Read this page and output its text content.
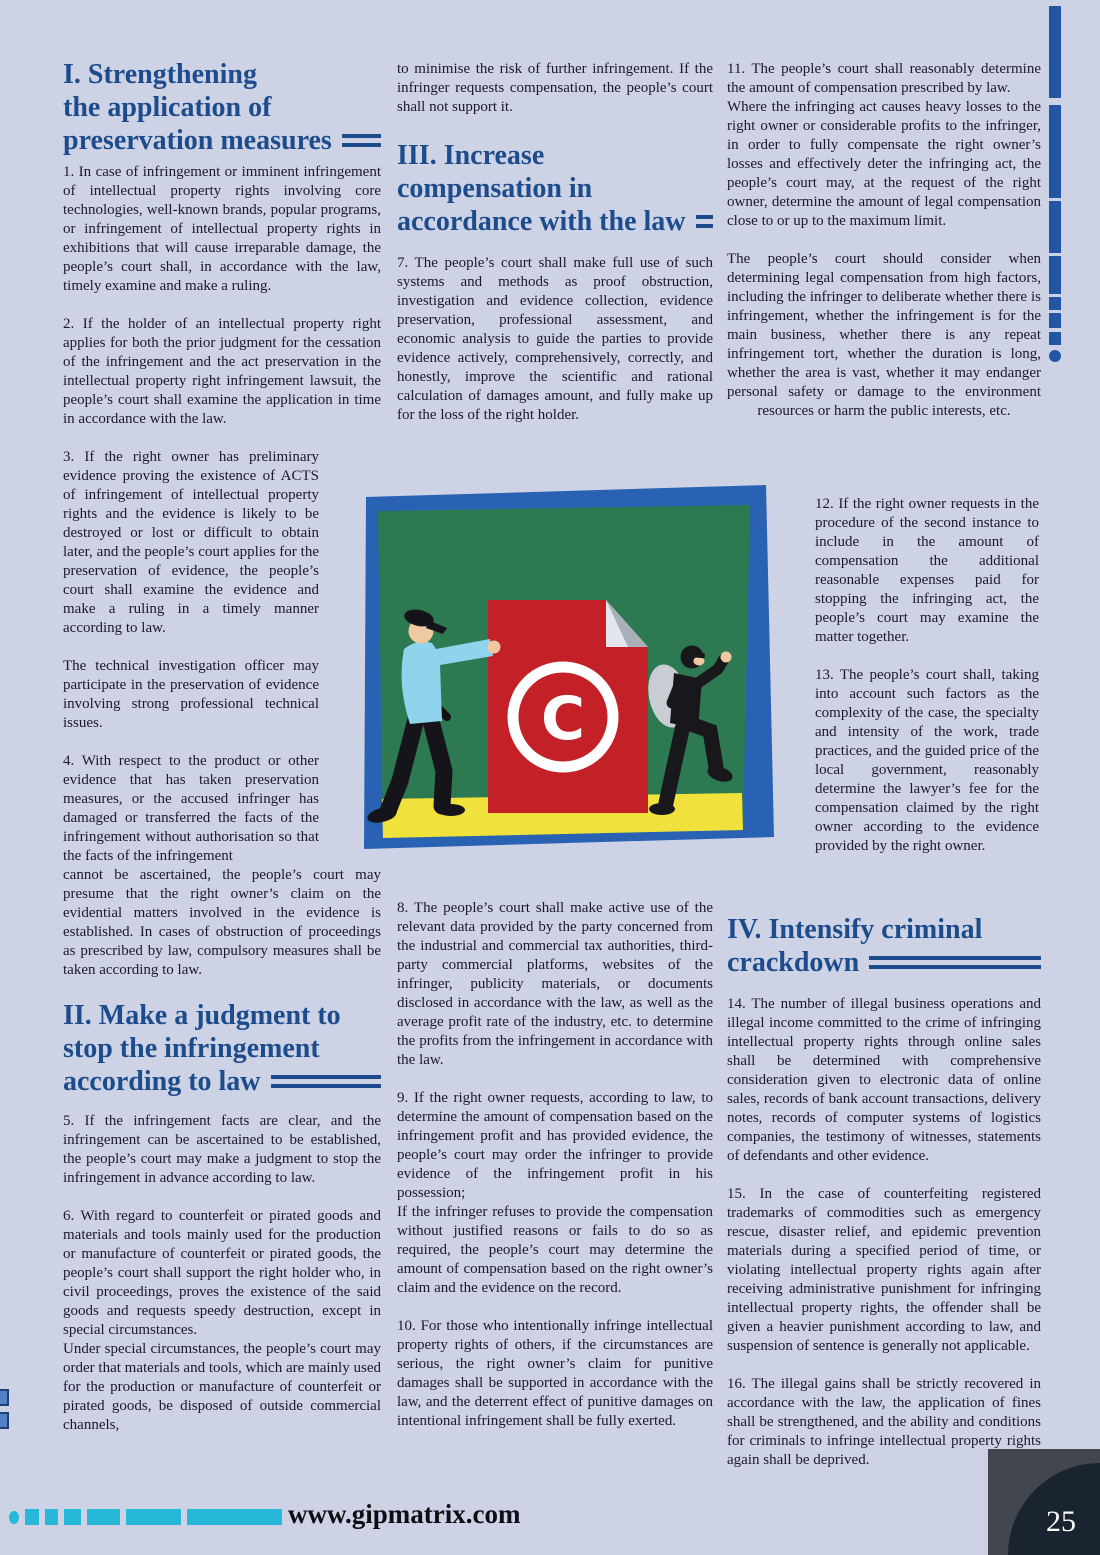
I. Strengthening
the application of
preservation measures

1. In case of infringement or imminent infringement of intellectual property rights involving core technologies, well-known brands, popular programs, or infringement of intellectual property rights in exhibitions that will cause irreparable damage, the people’s court shall, in accordance with the law, timely examine and make a ruling.

2. If the holder of an intellectual property right applies for both the prior judgment for the cessation of the infringement and the act preservation in the intellectual property right infringement lawsuit, the people’s court shall examine the application in time in accordance with the law.

3. If the right owner has preliminary evidence proving the existence of ACTS of infringement of intellectual property rights and the evidence is likely to be destroyed or lost or difficult to obtain later, and the people’s court applies for the preservation of evidence, the people’s court shall examine the evidence and make a ruling in a timely manner according to law.

The technical investigation officer may participate in the preservation of evidence involving strong professional technical issues.

4. With respect to the product or other evidence that has taken preservation measures, or the accused infringer has damaged or transferred the facts of the infringement without authorisation so that the facts of the infringement

cannot be ascertained, the people’s court may presume that the right owner’s claim on the evidential matters involved in the evidence is established. In cases of obstruction of proceedings as prescribed by law, compulsory measures shall be taken according to law.

II. Make a judgment to
stop the infringement
according to law

5. If the infringement facts are clear, and the infringement can be ascertained to be established, the people’s court may make a judgment to stop the infringement in advance according to law.

6. With regard to counterfeit or pirated goods and materials and tools mainly used for the production or manufacture of counterfeit or pirated goods, the people’s court shall support the right holder who, in civil proceedings, proves the existence of the said goods and requests speedy destruction, except in special circumstances.

Under special circumstances, the people’s court may order that materials and tools, which are mainly used for the production or manufacture of counterfeit or pirated goods, be disposed of outside commercial channels,

to minimise the risk of further infringement. If the infringer requests compensation, the people’s court shall not support it.

III. Increase
compensation in
accordance with the law

7. The people’s court shall make full use of such systems and methods as proof obstruction, investigation and evidence collection, evidence preservation, professional assessment, and economic analysis to guide the parties to provide evidence actively, comprehensively, correctly, and honestly, improve the scientific and rational calculation of damages amount, and fully make up for the loss of the right holder.

C

8. The people’s court shall make active use of the relevant data provided by the party concerned from the industrial and commercial tax authorities, third-party commercial platforms, websites of the infringer, publicity materials, or documents disclosed in accordance with the law, as well as the average profit rate of the industry, etc. to determine the profits from the infringement in accordance with the law.

9. If the right owner requests, according to law, to determine the amount of compensation based on the infringement profit and has provided evidence, the people’s court may order the infringer to provide evidence of the infringement profit in his possession;

If the infringer refuses to provide the compensation without justified reasons or fails to do so as required, the people’s court may determine the amount of compensation based on the right owner’s claim and the evidence on the record.

10. For those who intentionally infringe intellectual property rights of others, if the circumstances are serious, the right owner’s claim for punitive damages shall be supported in accordance with the law, and the deterrent effect of punitive damages on intentional infringement shall be fully exerted.

11. The people’s court shall reasonably determine the amount of compensation prescribed by law.

Where the infringing act causes heavy losses to the right owner or considerable profits to the infringer, in order to fully compensate the right owner’s losses and effectively deter the infringing act, the people’s court may, at the request of the right owner, determine the amount of legal compensation close to or up to the maximum limit.

The people’s court should consider when determining legal compensation from high factors, including the infringer to deliberate whether there is infringement, whether the infringement is for the main business, whether there is any repeat infringement tort, whether the duration is long, whether the area is vast, whether it may endanger personal safety or damage to the environment resources or harm the public interests, etc.

12. If the right owner requests in the procedure of the second instance to include in the amount of compensation the additional reasonable expenses paid for stopping the infringing act, the people’s court may examine the matter together.

13. The people’s court shall, taking into account such factors as the complexity of the case, the specialty and intensity of the work, trade practices, and the guided price of the local government, reasonably determine the lawyer’s fee for the compensation claimed by the right owner according to the evidence provided by the right owner.

IV. Intensify criminal
crackdown

14. The number of illegal business operations and illegal income committed to the crime of infringing intellectual property rights through online sales shall be determined with comprehensive consideration given to electronic data of online sales, records of bank account transactions, delivery notes, records of computer systems of logistics companies, the testimony of witnesses, statements of defendants and other evidence.

15. In the case of counterfeiting registered trademarks of commodities such as emergency rescue, disaster relief, and epidemic prevention materials during a specified period of time, or violating intellectual property rights again after receiving administrative punishment for infringing intellectual property rights, the offender shall be given a heavier punishment according to law, and suspension of sentence is generally not applicable.

16. The illegal gains shall be strictly recovered in accordance with the law, the application of fines shall be strengthened, and the ability and conditions for criminals to infringe intellectual property rights again shall be deprived.

www.gipmatrix.com	25
